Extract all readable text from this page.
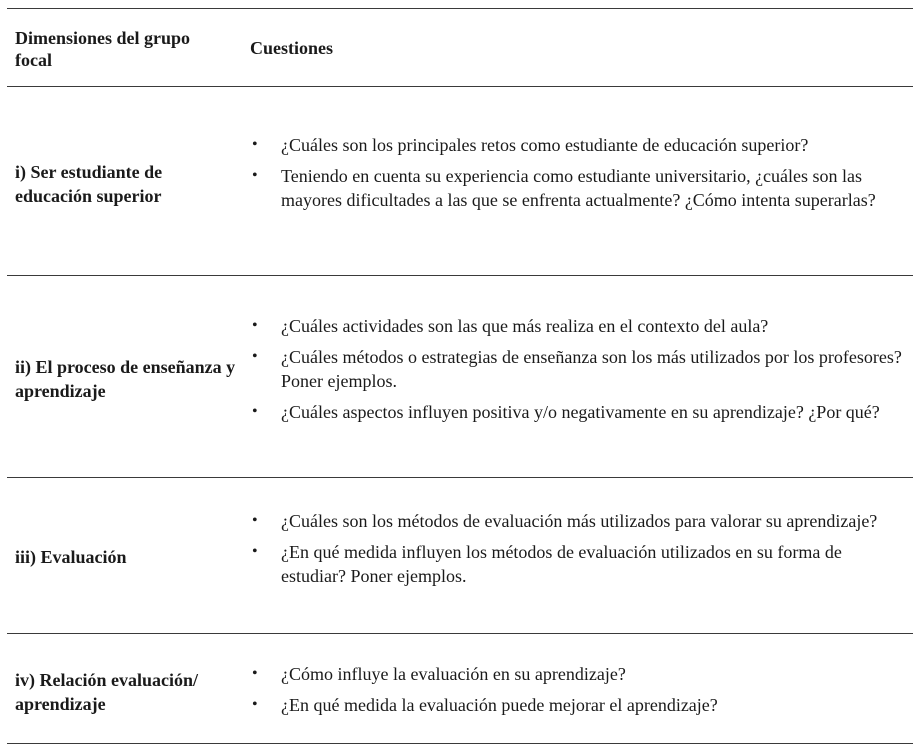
Dimensiones del grupo focal
Cuestiones
i) Ser estudiante de educación superior
• ¿Cuáles son los principales retos como estudiante de educación superior?
• Teniendo en cuenta su experiencia como estudiante universitario, ¿cuáles son las mayores dificultades a las que se enfrenta actualmente? ¿Cómo intenta superarlas?
ii) El proceso de enseñanza y aprendizaje
• ¿Cuáles actividades son las que más realiza en el contexto del aula?
• ¿Cuáles métodos o estrategias de enseñanza son los más utilizados por los profesores? Poner ejemplos.
• ¿Cuáles aspectos influyen positiva y/o negativamente en su aprendizaje? ¿Por qué?
iii) Evaluación
• ¿Cuáles son los métodos de evaluación más utilizados para valorar su aprendizaje?
• ¿En qué medida influyen los métodos de evaluación utilizados en su forma de estudiar? Poner ejemplos.
iv) Relación evaluación/ aprendizaje
• ¿Cómo influye la evaluación en su aprendizaje?
• ¿En qué medida la evaluación puede mejorar el aprendizaje?
